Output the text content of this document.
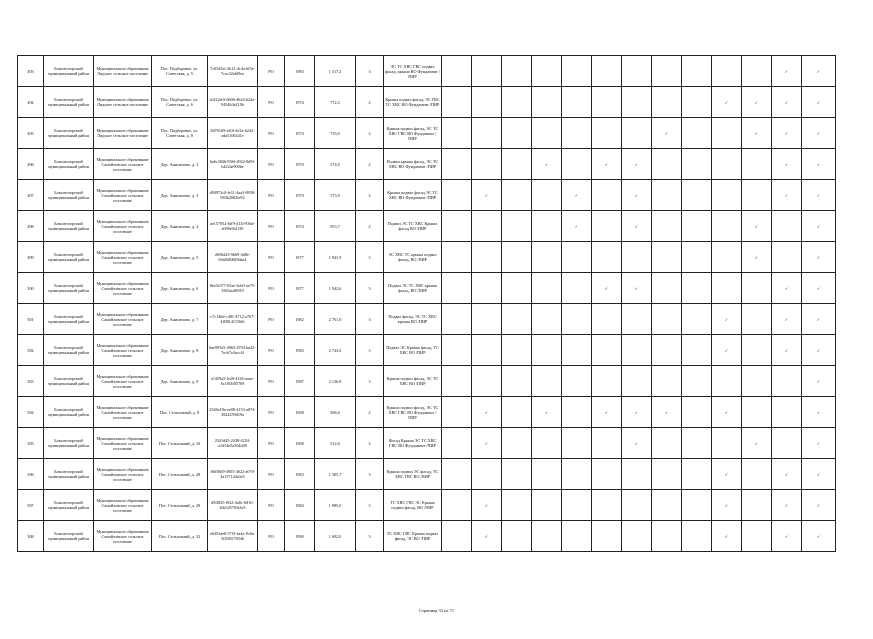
493	Бокситогорский муниципальный район	Муниципальное образование Лидское сельское поселение	Пос. Подборовье, ул. Советская, д. 5	7c0545ef-2b12-4c4a-bf5a-7cec32a6f9ea	РО	1983	1 317,2	3	ЭС ТС ХВС ГВС подвал фасад, крыша ВО Фундамент /ПИР												✓	✓
494	Бокситогорский муниципальный район	Муниципальное образование Лидское сельское поселение	Пос. Подборовье, ул. Советская, д. 6	cb222e0f-6606-4624-b24a-9454b3a210b	РО	1974	772,2	2	Крыша подвал фасад, ЭС ГВС ТС ХВС ВО Фундамент /ПИР										✓	✓	✓	✓
495	Бокситогорский муниципальный район	Муниципальное образование Лидское сельское поселение	Пос. Подборовье, ул. Советская, д. 8	8d76169-e20f-4e3a-b242-ada5106441e	РО	1974	735,0	2	Крыша подвал фасад, ЭС ТС ХВС ГВС ВО Фундамент /ПИР								✓			✓	✓	✓
496	Бокситогорский муниципальный район	Муниципальное образование Самойловское сельское поселение	Дер. Анисимово, д. 2	6a6c3846-936f-4922-8d9f-b422ae900be	РО	1970	574,0	2	Подвал крыша фасад, ЭС ТС ХВС ВО Фундамент /ПИР				✓		✓	✓					✓	✓
497	Бокситогорский муниципальный район	Муниципальное образование Самойловское сельское поселение	Дер. Анисимово, д. 3	d94972c0-fe11-4aa3-8958-963b2082fe92	РО	1970	573,9	2	Крыша подвал фасад ЭС ТС ХВС ВО Фундамент /ПИР		✓			✓		✓					✓	✓
498	Бокситогорский муниципальный район	Муниципальное образование Самойловское сельское поселение	Дер. Анисимово, д. 4	ae157052-bff9-413f-936d-a090e9a1f39	РО	1974	953,7	2	Подвал ЭС ТС ХВС Крыша фасад ВО /ПИР					✓		✓				✓		✓
499	Бокситогорский муниципальный район	Муниципальное образование Самойловское сельское поселение	Дер. Анисимово, д. 5	2656d23-9b69-4d8e-b9a04846f9daa4	РО	1977	1 941,9	3	ЭС ХВС ТС крыша подвал фасад, ВО /ПИР											✓		✓
500	Бокситогорский муниципальный район	Муниципальное образование Самойловское сельское поселение	Дер. Анисимово, д. 6	8ee3e377-05ae-4cb0-ae75-3565acd8919	РО	1977	1 942,6	3	Подвал ЭС ТС ХВС крыша фасад, ВО /ПИР						✓	✓					✓	✓
501	Бокситогорский муниципальный район	Муниципальное образование Самойловское сельское поселение	Дер. Анисимово, д. 7	c7c146d-c481-4712-a767-4498141156fb	РО	1982	2 761,0	3	Подвал фасад, ЭС ТС ХВС крыша ВО /ПИР										✓		✓	✓
502	Бокситогорский муниципальный район	Муниципальное образование Самойловское сельское поселение	Дер. Анисимово, д. 8	6ae995e5-4063-4704-ba43-7ecb7e2acc4f	РО	1983	2 743,6	3	Подвал ЭС Крыша фасад, ТС ХВС ВО /ПИР										✓		✓	✓
503	Бокситогорский муниципальный район	Муниципальное образование Самойловское сельское поселение	Дер. Анисимово, д. 9	e1459a5-fe20-41b5-aaae-6c1f63f05769	РО	1987	2 136,8	3	Крыша подвал фасад, ЭС ТС ХВС ВО /ПИР													✓
504	Бокситогорский муниципальный район	Муниципальное образование Самойловское сельское поселение	Пос. Сельхозный, д. 8	2546e18a-ee08-4153-a074-3824259d19a	РО	1968	506,6	2	Крыша подвал фасад, ЭС ТС ХВС ГВС ВО Фундамент /ПИР		✓		✓		✓	✓	✓		✓			✓
505	Бокситогорский муниципальный район	Муниципальное образование Самойловское сельское поселение	Пос. Сельхозный, д. 10	2341d45-2438-4254-a1d54e5a504d49	РО	1968	512,6	2	Фасад Крыша ЭС ТС ХВС ГВС ВО Фундамент /ПИР		✓					✓				✓		✓
506	Бокситогорский муниципальный район	Муниципальное образование Самойловское сельское поселение	Пос. Сельхозный, д. 28	16658d9-4905-4622-a070-3a157144a3e5	РО	1983	1 305,7	3	Крыша подвал ЭС фасад, ТС ХВС ГВС ВО /ПИР										✓		✓	✓
507	Бокситогорский муниципальный район	Муниципальное образование Самойловское сельское поселение	Пос. Сельхозный, д. 29	d9ff825-f922-4a8c-b816-40e345703f4e3	РО	1984	1 985,0	3	ТС ХВС ГВС ЭС Крыша подвал фасад, ВО /ПИР		✓								✓		✓	✓
508	Бокситогорский муниципальный район	Муниципальное образование Самойловское сельское поселение	Пос. Сельхозный, д. 32	e6453ae6-57f3-4a4a-9c6a-5f49f5f78346	РО	1990	1 692,0	3	ТС ХВС ГВС Крыша подвал фасад, ЭС ВО /ПИР		✓								✓		✓	✓
Страница 33 из 71
